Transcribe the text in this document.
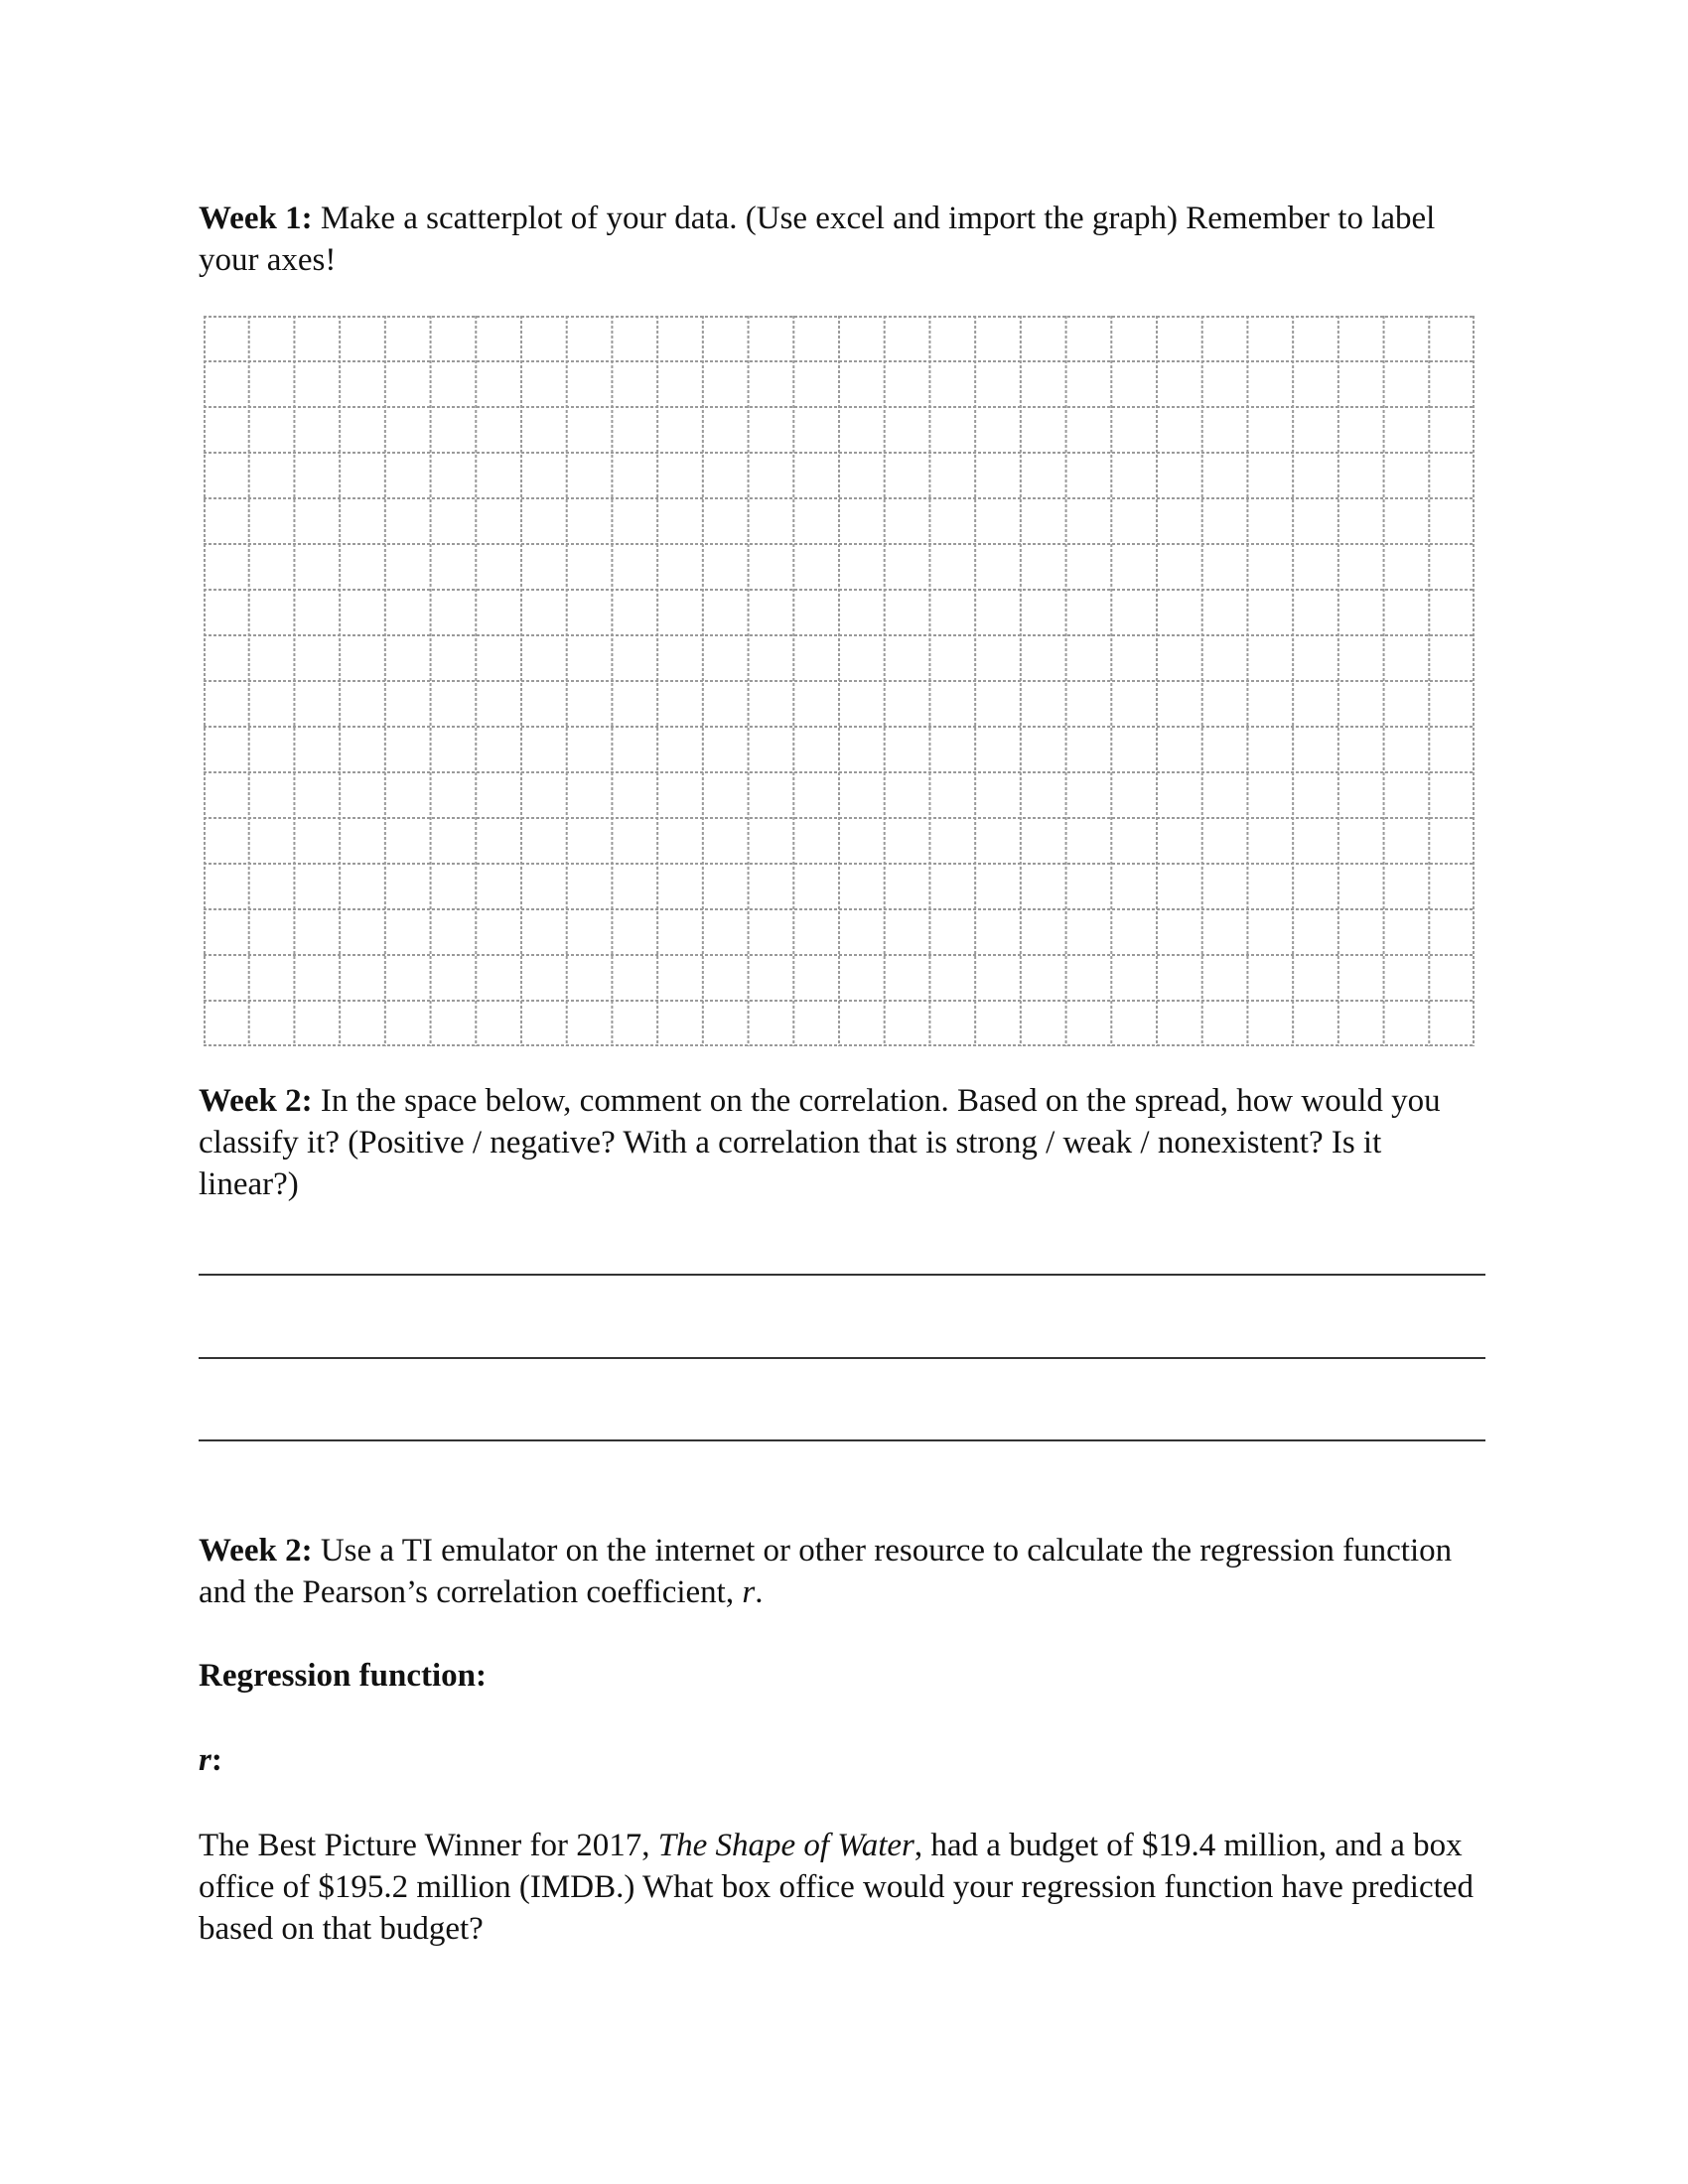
Week 1: Make a scatterplot of your data. (Use excel and import the graph) Remember to label your axes!

Week 2: In the space below, comment on the correlation. Based on the spread, how would you classify it? (Positive / negative? With a correlation that is strong / weak / nonexistent? Is it linear?)

Week 2: Use a TI emulator on the internet or other resource to calculate the regression function and the Pearson’s correlation coefficient, r.

Regression function:

r:

The Best Picture Winner for 2017, The Shape of Water, had a budget of $19.4 million, and a box office of $195.2 million (IMDB.) What box office would your regression function have predicted based on that budget?
